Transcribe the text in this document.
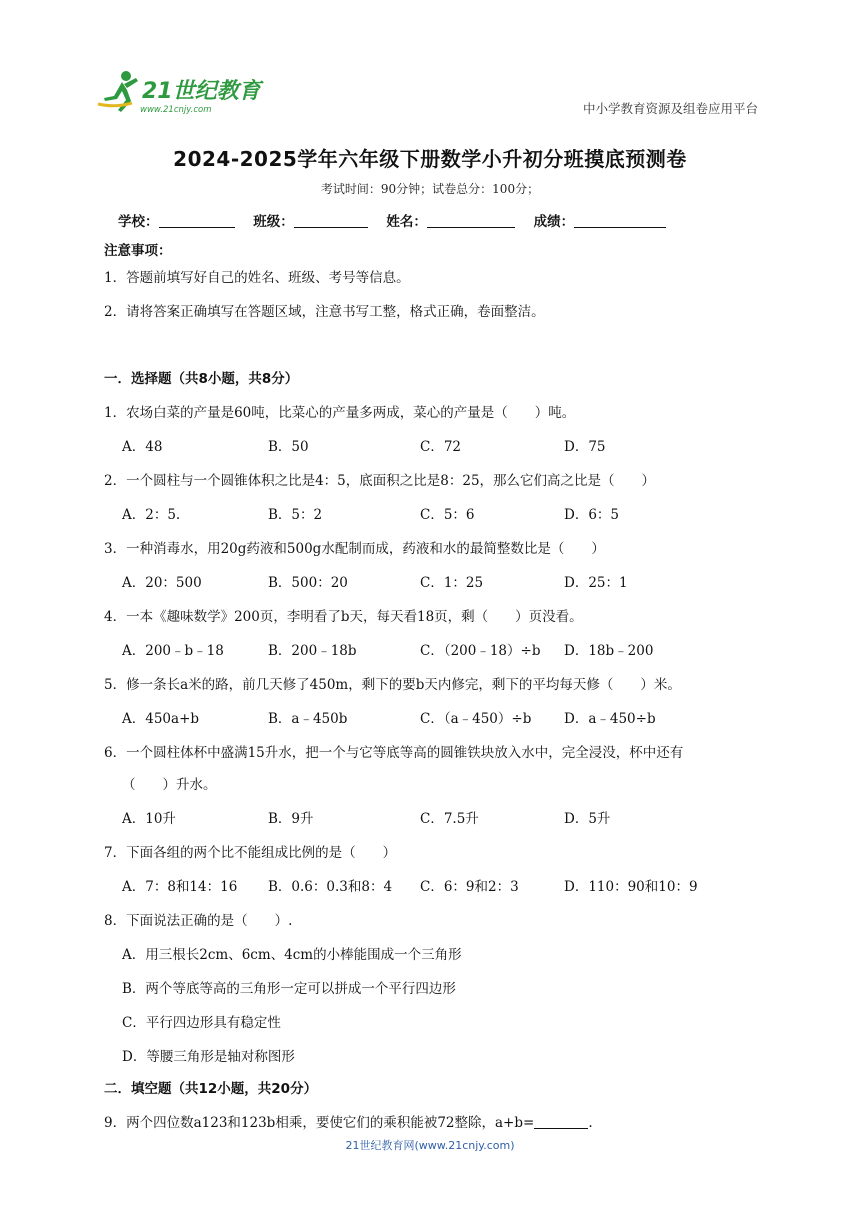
21世纪教育
www.21cnjy.com	中小学教育资源及组卷应用平台
2024-2025学年六年级下册数学小升初分班摸底预测卷
考试时间：90分钟；试卷总分：100分；
学校：	班级：	姓名：	成绩：
注意事项：
1．答题前填写好自己的姓名、班级、考号等信息。
2．请将答案正确填写在答题区域，注意书写工整，格式正确，卷面整洁。
一．选择题（共8小题，共8分）
1．农场白菜的产量是60吨，比菜心的产量多两成，菜心的产量是（　　）吨。
A．48	B．50	C．72	D．75
2．一个圆柱与一个圆锥体积之比是4：5，底面积之比是8：25，那么它们高之比是（　　）
A．2：5.	B．5：2	C．5：6	D．6：5
3．一种消毒水，用20g药液和500g水配制而成，药液和水的最简整数比是（　　）
A．20：500	B．500：20	C．1：25	D．25：1
4．一本《趣味数学》200页，李明看了b天，每天看18页，剩（　　）页没看。
A．200﹣b﹣18	B．200﹣18b	C．（200﹣18）÷b D．18b﹣200
5．修一条长a米的路，前几天修了450m，剩下的要b天内修完，剩下的平均每天修（　　）米。
A．450a+b	B．a﹣450b	C．（a﹣450）÷b D．a﹣450÷b
6．一个圆柱体杯中盛满15升水，把一个与它等底等高的圆锥铁块放入水中，完全浸没，杯中还有
（　　）升水。
A．10升	B．9升	C．7.5升	D．5升
7．下面各组的两个比不能组成比例的是（　　）
A．7：8和14：16 B．0.6：0.3和8：4 C．6：9和2：3	D．110：90和10：9
8．下面说法正确的是（　　）.
A．用三根长2cm、6cm、4cm的小棒能围成一个三角形
B．两个等底等高的三角形一定可以拼成一个平行四边形
C．平行四边形具有稳定性
D．等腰三角形是轴对称图形
二．填空题（共12小题，共20分）
9．两个四位数a123和123b相乘，要使它们的乘积能被72整除，a+b=	.
21世纪教育网(www.21cnjy.com)
